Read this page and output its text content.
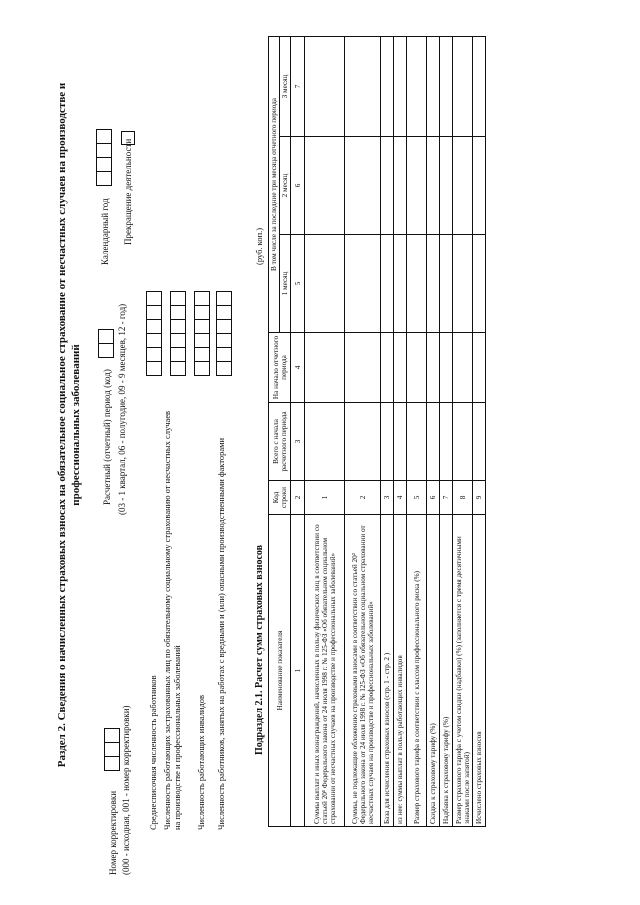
Раздел 2. Сведения о начисленных страховых взносах на обязательное социальное страхование от несчастных случаев на производстве и профессиональных заболеваний
Номер корректировки (000 - исходная, 001 - номер корректировки)
Расчетный (отчетный) период (код) (03 - 1 квартал, 06 - полугодие, 09 - 9 месяцев, 12 - год)
Календарный год Прекращение деятельности
Среднесписочная численность работников Численность работающих застрахованных лиц по обязательному социальному страхованию от несчастных случаев на производстве и профессиональных заболеваний Численность работающих инвалидов Численность работников, занятых на работах с вредными и (или) опасными производственными факторами	Подраздел 2.1. Расчет сумм страховых взносов
(руб. коп.)
Наименование показателя	Код строки	Всего с начала расчетного периода	На начало отчетного периода	В том числе за последние три месяца отчетного периода		
				1 месяц	2 месяц	3 месяц
1	2	3	4	5	6	7
Суммы выплат и иных вознаграждений, начисленных в пользу физических лиц в соответствии со статьей 20¹ Федерального закона от 24 июля 1998 г. № 125-ФЗ «Об обязательном социальном страховании от несчастных случаев на производстве и профессиональных заболеваний»	1					
Суммы, не подлежащие обложению страховыми взносами в соответствии со статьей 20² Федерального закона от 24 июля 1998 г. № 125-ФЗ «Об обязательном социальном страховании от несчастных случаев на производстве и профессиональных заболеваний»	2					
База для исчисления страховых взносов (стр. 1 - стр. 2 )	3					
из нее: суммы выплат в пользу работающих инвалидов	4					
Размер страхового тарифа в соответствии с классом профессионального риска (%)	5					
Скидка к страховому тарифу (%)	6					
Надбавка к страховому тарифу (%)	7					
Размер страхового тарифа с учетом скидки (надбавки) (%) (заполняется с тремя десятичными знаками после запятой)	8					
Исчислено страховых взносов	9					
